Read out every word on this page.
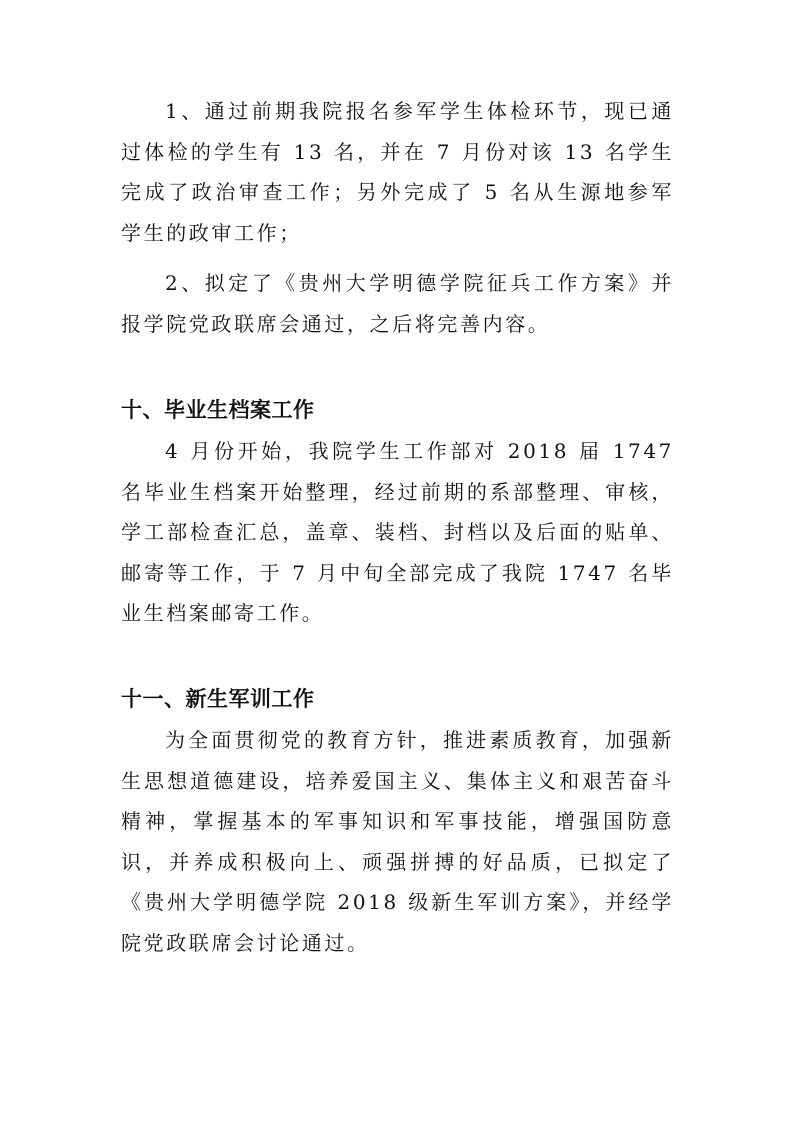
1、通过前期我院报名参军学生体检环节，现已通过体检的学生有 13 名，并在 7 月份对该 13 名学生完成了政治审查工作；另外完成了 5 名从生源地参军学生的政审工作；

2、拟定了《贵州大学明德学院征兵工作方案》并报学院党政联席会通过，之后将完善内容。

十、毕业生档案工作

4 月份开始，我院学生工作部对 2018 届 1747 名毕业生档案开始整理，经过前期的系部整理、审核，学工部检查汇总，盖章、装档、封档以及后面的贴单、邮寄等工作，于 7 月中旬全部完成了我院 1747 名毕业生档案邮寄工作。

十一、新生军训工作

为全面贯彻党的教育方针，推进素质教育，加强新生思想道德建设，培养爱国主义、集体主义和艰苦奋斗精神，掌握基本的军事知识和军事技能，增强国防意识，并养成积极向上、顽强拼搏的好品质，已拟定了《贵州大学明德学院 2018 级新生军训方案》，并经学院党政联席会讨论通过。
